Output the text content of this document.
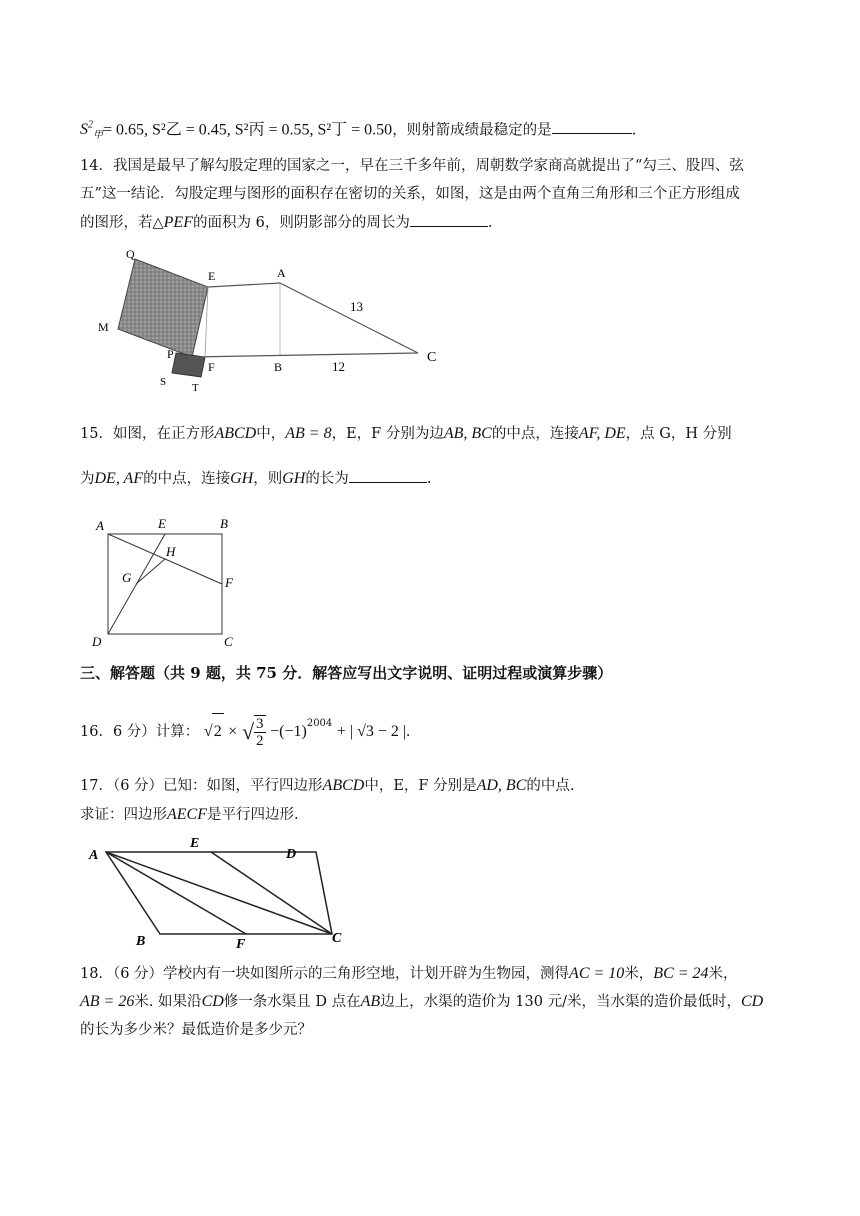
$S^2_甲= 0.65$, S²乙 = 0.45, S²丙 = 0.55, S²丁 = 0.50，则射箭成绩最稳定的是	.
14．我国是最早了解勾股定理的国家之一，早在三千多年前，周朝数学家商高就提出了“勾三、股四、弦
五”这一结论．勾股定理与图形的面积存在密切的关系，如图，这是由两个直角三角形和三个正方形组成
的图形，若△PEF的面积为 6，则阴影部分的周长为	.
Q
E	A
M
P
F	B
C
S T
13
12
15．如图，在正方形ABCD中，AB = 8，E，F 分别为边AB, BC的中点，连接AF, DE，点 G，H 分别
为DE, AF的中点，连接GH，则GH的长为	.
A	E	B
H
G	F
D	C
三、解答题（共 9 题，共 75 分．解答应写出文字说明、证明过程或演算步骤）
16．6 分）计算： √2 × √ $\frac{3}{2} -(-1)^{2004}$ + | √3 − 2 |.
17．（6 分）已知：如图，平行四边形ABCD中，E，F 分别是AD, BC的中点.
求证：四边形AECF是平行四边形.
A
E
D
B	F	C
18．（6 分）学校内有一块如图所示的三角形空地，计划开辟为生物园，测得AC = 10米，BC = 24米，
AB = 26米. 如果沿CD修一条水渠且 D 点在AB边上，水渠的造价为 130 元/米，当水渠的造价最低时，CD
的长为多少米？最低造价是多少元？
